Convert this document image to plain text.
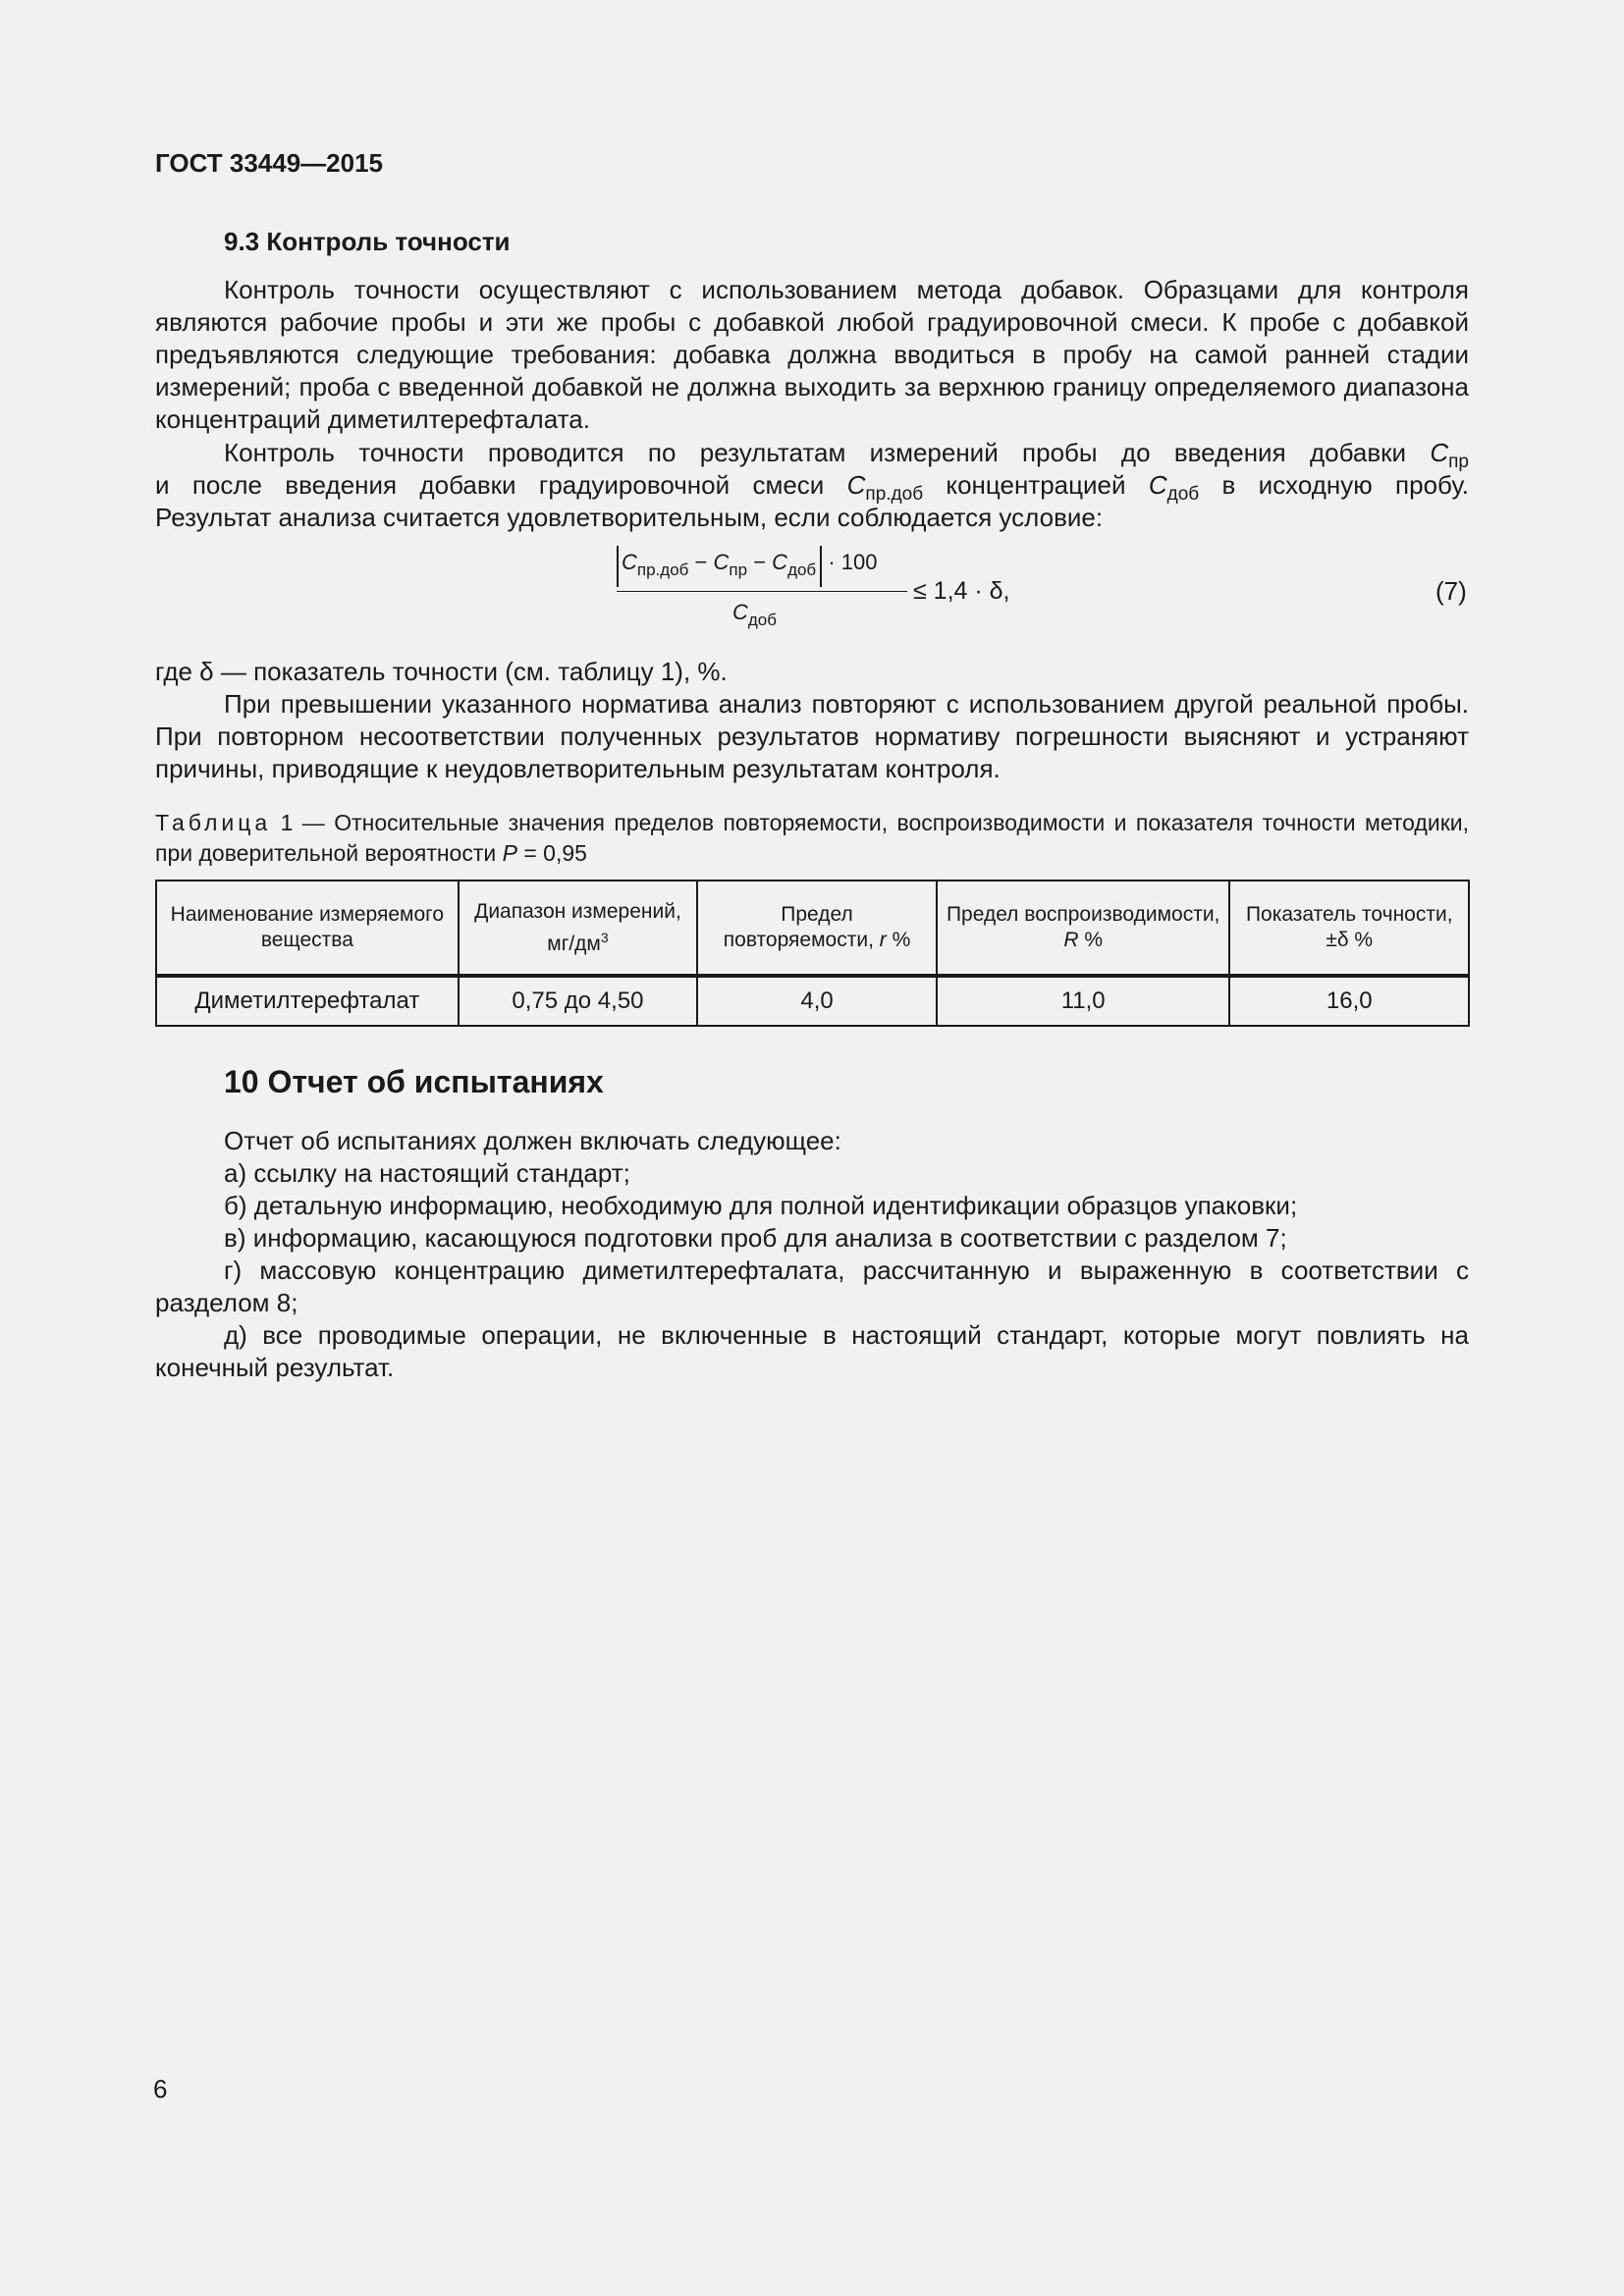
ГОСТ 33449—2015
9.3 Контроль точности

Контроль точности осуществляют с использованием метода добавок. Образцами для контроля являются рабочие пробы и эти же пробы с добавкой любой градуировочной смеси. К пробе с добавкой предъявляются следующие требования: добавка должна вводиться в пробу на самой ранней стадии измерений; проба с введенной добавкой не должна выходить за верхнюю границу определяемого диапазона концентраций диметилтерефталата.

Контроль точности проводится по результатам измерений пробы до введения добавки $C_{пр}$

и после введения добавки градуировочной смеси $C_{пр.доб}$ концентрацией $C_{доб}$ в исходную пробу.

Результат анализа считается удовлетворительным, если соблюдается условие:

$C_{пр.доб} - C_{пр} - C_{доб} \cdot 100$
$C_{доб}$
≤ 1,4 · δ,	(7)

где δ — показатель точности (см. таблицу 1), %.

При превышении указанного норматива анализ повторяют с использованием другой реальной пробы. При повторном несоответствии полученных результатов нормативу погрешности выясняют и устраняют причины, приводящие к неудовлетворительным результатам контроля.

Таблица 1 — Относительные значения пределов повторяемости, воспроизводимости и показателя точности методики, при доверительной вероятности P = 0,95
Наименование измеряемого вещества	Диапазон измерений, $мг/дм^3$	Предел повторяемости, r %	Предел воспроизводимости, R %	Показатель точности, ±δ %
Диметилтерефталат	0,75 до 4,50	4,0	11,0	16,0
10 Отчет об испытаниях

Отчет об испытаниях должен включать следующее:

а) ссылку на настоящий стандарт;

б) детальную информацию, необходимую для полной идентификации образцов упаковки;

в) информацию, касающуюся подготовки проб для анализа в соответствии с разделом 7;

г) массовую концентрацию диметилтерефталата, рассчитанную и выраженную в соответствии с разделом 8;

д) все проводимые операции, не включенные в настоящий стандарт, которые могут повлиять на конечный результат.

6
